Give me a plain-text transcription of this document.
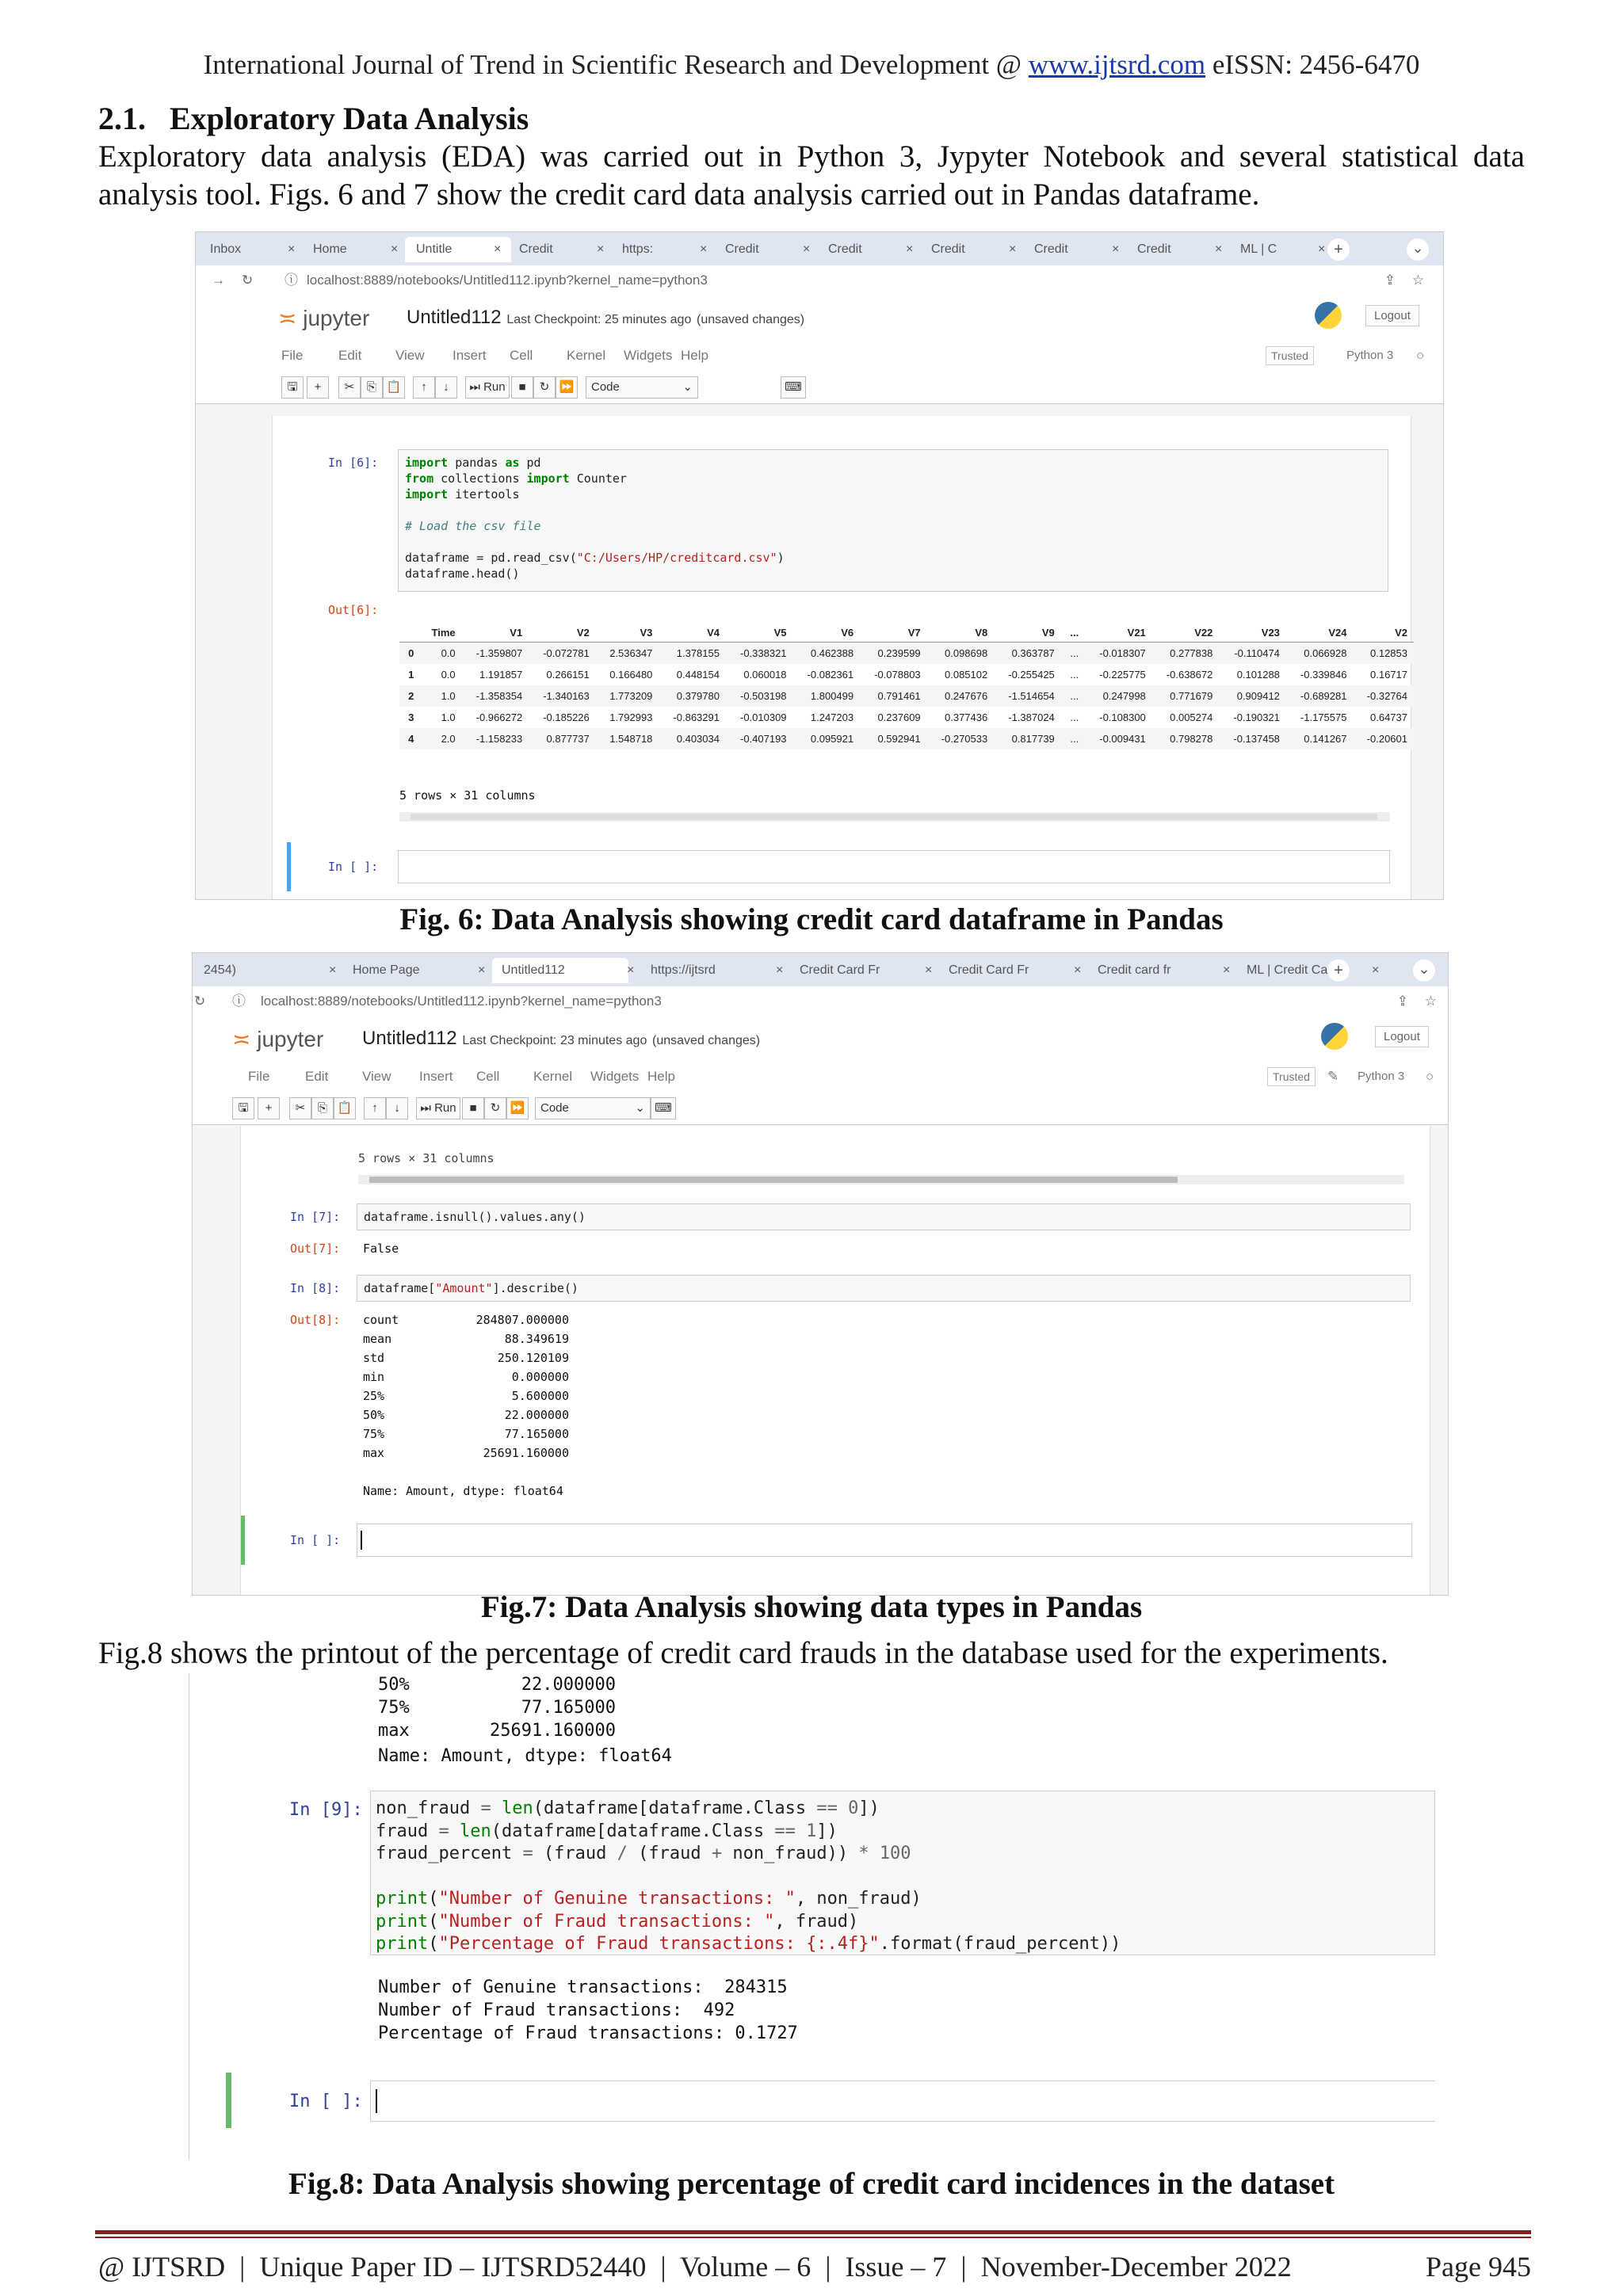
International Journal of Trend in Scientific Research and Development @ www.ijtsrd.com eISSN: 2456-6470
2.1. Exploratory Data Analysis
Exploratory data analysis (EDA) was carried out in Python 3, Jypyter Notebook and several statistical data analysis tool. Figs. 6 and 7 show the credit card data analysis carried out in Pandas dataframe.
Inbox	×	Home	×	Untitle	×	Credit	×	https:	×	Credit	×	Credit	×	Credit	×	Credit	×	Credit	×	ML | C	× +	⌄
→ ↻ ⓘ localhost:8889/notebooks/Untitled112.ipynb?kernel_name=python3	⇪ ☆
≍ jupyter Untitled112 Last Checkpoint: 25 minutes ago (unsaved changes)	Logout
Trusted	Python 3 ○
File	Edit	View Insert Cell	Kernel Widgets Help
🖫	+	✂	⎘ 📋	↑	↓	⏭ Run	■	↻ ⏩	Code	⌄	⌨
In [6]:	import pandas as pd
from collections import Counter
import itertools

# Load the csv file

dataframe = pd.read_csv("C:/Users/HP/creditcard.csv")
dataframe.head()
Out[6]:
	Time	V1	V2	V3	V4	V5	V6	V7	V8	V9	...	V21	V22	V23	V24	V2
0	0.0	-1.359807	-0.072781	2.536347	1.378155	-0.338321	0.462388	0.239599	0.098698	0.363787	...	-0.018307	0.277838	-0.110474	0.066928	0.12853
1	0.0	1.191857	0.266151	0.166480	0.448154	0.060018	-0.082361	-0.078803	0.085102	-0.255425	...	-0.225775	-0.638672	0.101288	-0.339846	0.16717
2	1.0	-1.358354	-1.340163	1.773209	0.379780	-0.503198	1.800499	0.791461	0.247676	-1.514654	...	0.247998	0.771679	0.909412	-0.689281	-0.32764
3	1.0	-0.966272	-0.185226	1.792993	-0.863291	-0.010309	1.247203	0.237609	0.377436	-1.387024	...	-0.108300	0.005274	-0.190321	-1.175575	0.64737
4	2.0	-1.158233	0.877737	1.548718	0.403034	-0.407193	0.095921	0.592941	-0.270533	0.817739	...	-0.009431	0.798278	-0.137458	0.141267	-0.20601
5 rows × 31 columns
In [ ]:
Fig. 6: Data Analysis showing credit card dataframe in Pandas
2454)	×	Home Page	×	Untitled112	×	https://ijtsrd	×	Credit Card Fr	×	Credit Card Fr	×	Credit card fr	×	ML | Credit Ca	×
+	⌄
↻ ⓘ localhost:8889/notebooks/Untitled112.ipynb?kernel_name=python3	⇪ ☆
≍ jupyter Untitled112 Last Checkpoint: 23 minutes ago (unsaved changes)	Logout
Trusted	✎ Python 3 ○
File	Edit	View Insert Cell	Kernel Widgets Help
🖫	+	✂	⎘ 📋	↑	↓	⏭ Run	■	↻ ⏩	Code	⌄ ⌨
5 rows × 31 columns
In [7]:	dataframe.isnull().values.any()
Out[7]: False
In [8]:	dataframe["Amount"].describe()
Out[8]: count	284807.000000
mean	88.349619
std	250.120109
min	0.000000
25%	5.600000
50%	22.000000
75%	77.165000
max	25691.160000
Name: Amount, dtype: float64
In [ ]:
Fig.7: Data Analysis showing data types in Pandas
Fig.8 shows the printout of the percentage of credit card frauds in the database used for the experiments.
50%	22.000000
75%	77.165000
max	25691.160000
Name: Amount, dtype: float64
In [9]: non_fraud = len(dataframe[dataframe.Class == 0])
fraud = len(dataframe[dataframe.Class == 1])
fraud_percent = (fraud / (fraud + non_fraud)) * 100

print("Number of Genuine transactions: ", non_fraud)
print("Number of Fraud transactions: ", fraud)
print("Percentage of Fraud transactions: {:.4f}".format(fraud_percent))
Number of Genuine transactions:  284315
Number of Fraud transactions:  492
Percentage of Fraud transactions: 0.1727
In [ ]:
Fig.8: Data Analysis showing percentage of credit card incidences in the dataset
@ IJTSRD  |  Unique Paper ID – IJTSRD52440  |  Volume – 6  |  Issue – 7  |  November-December 2022	Page 945
